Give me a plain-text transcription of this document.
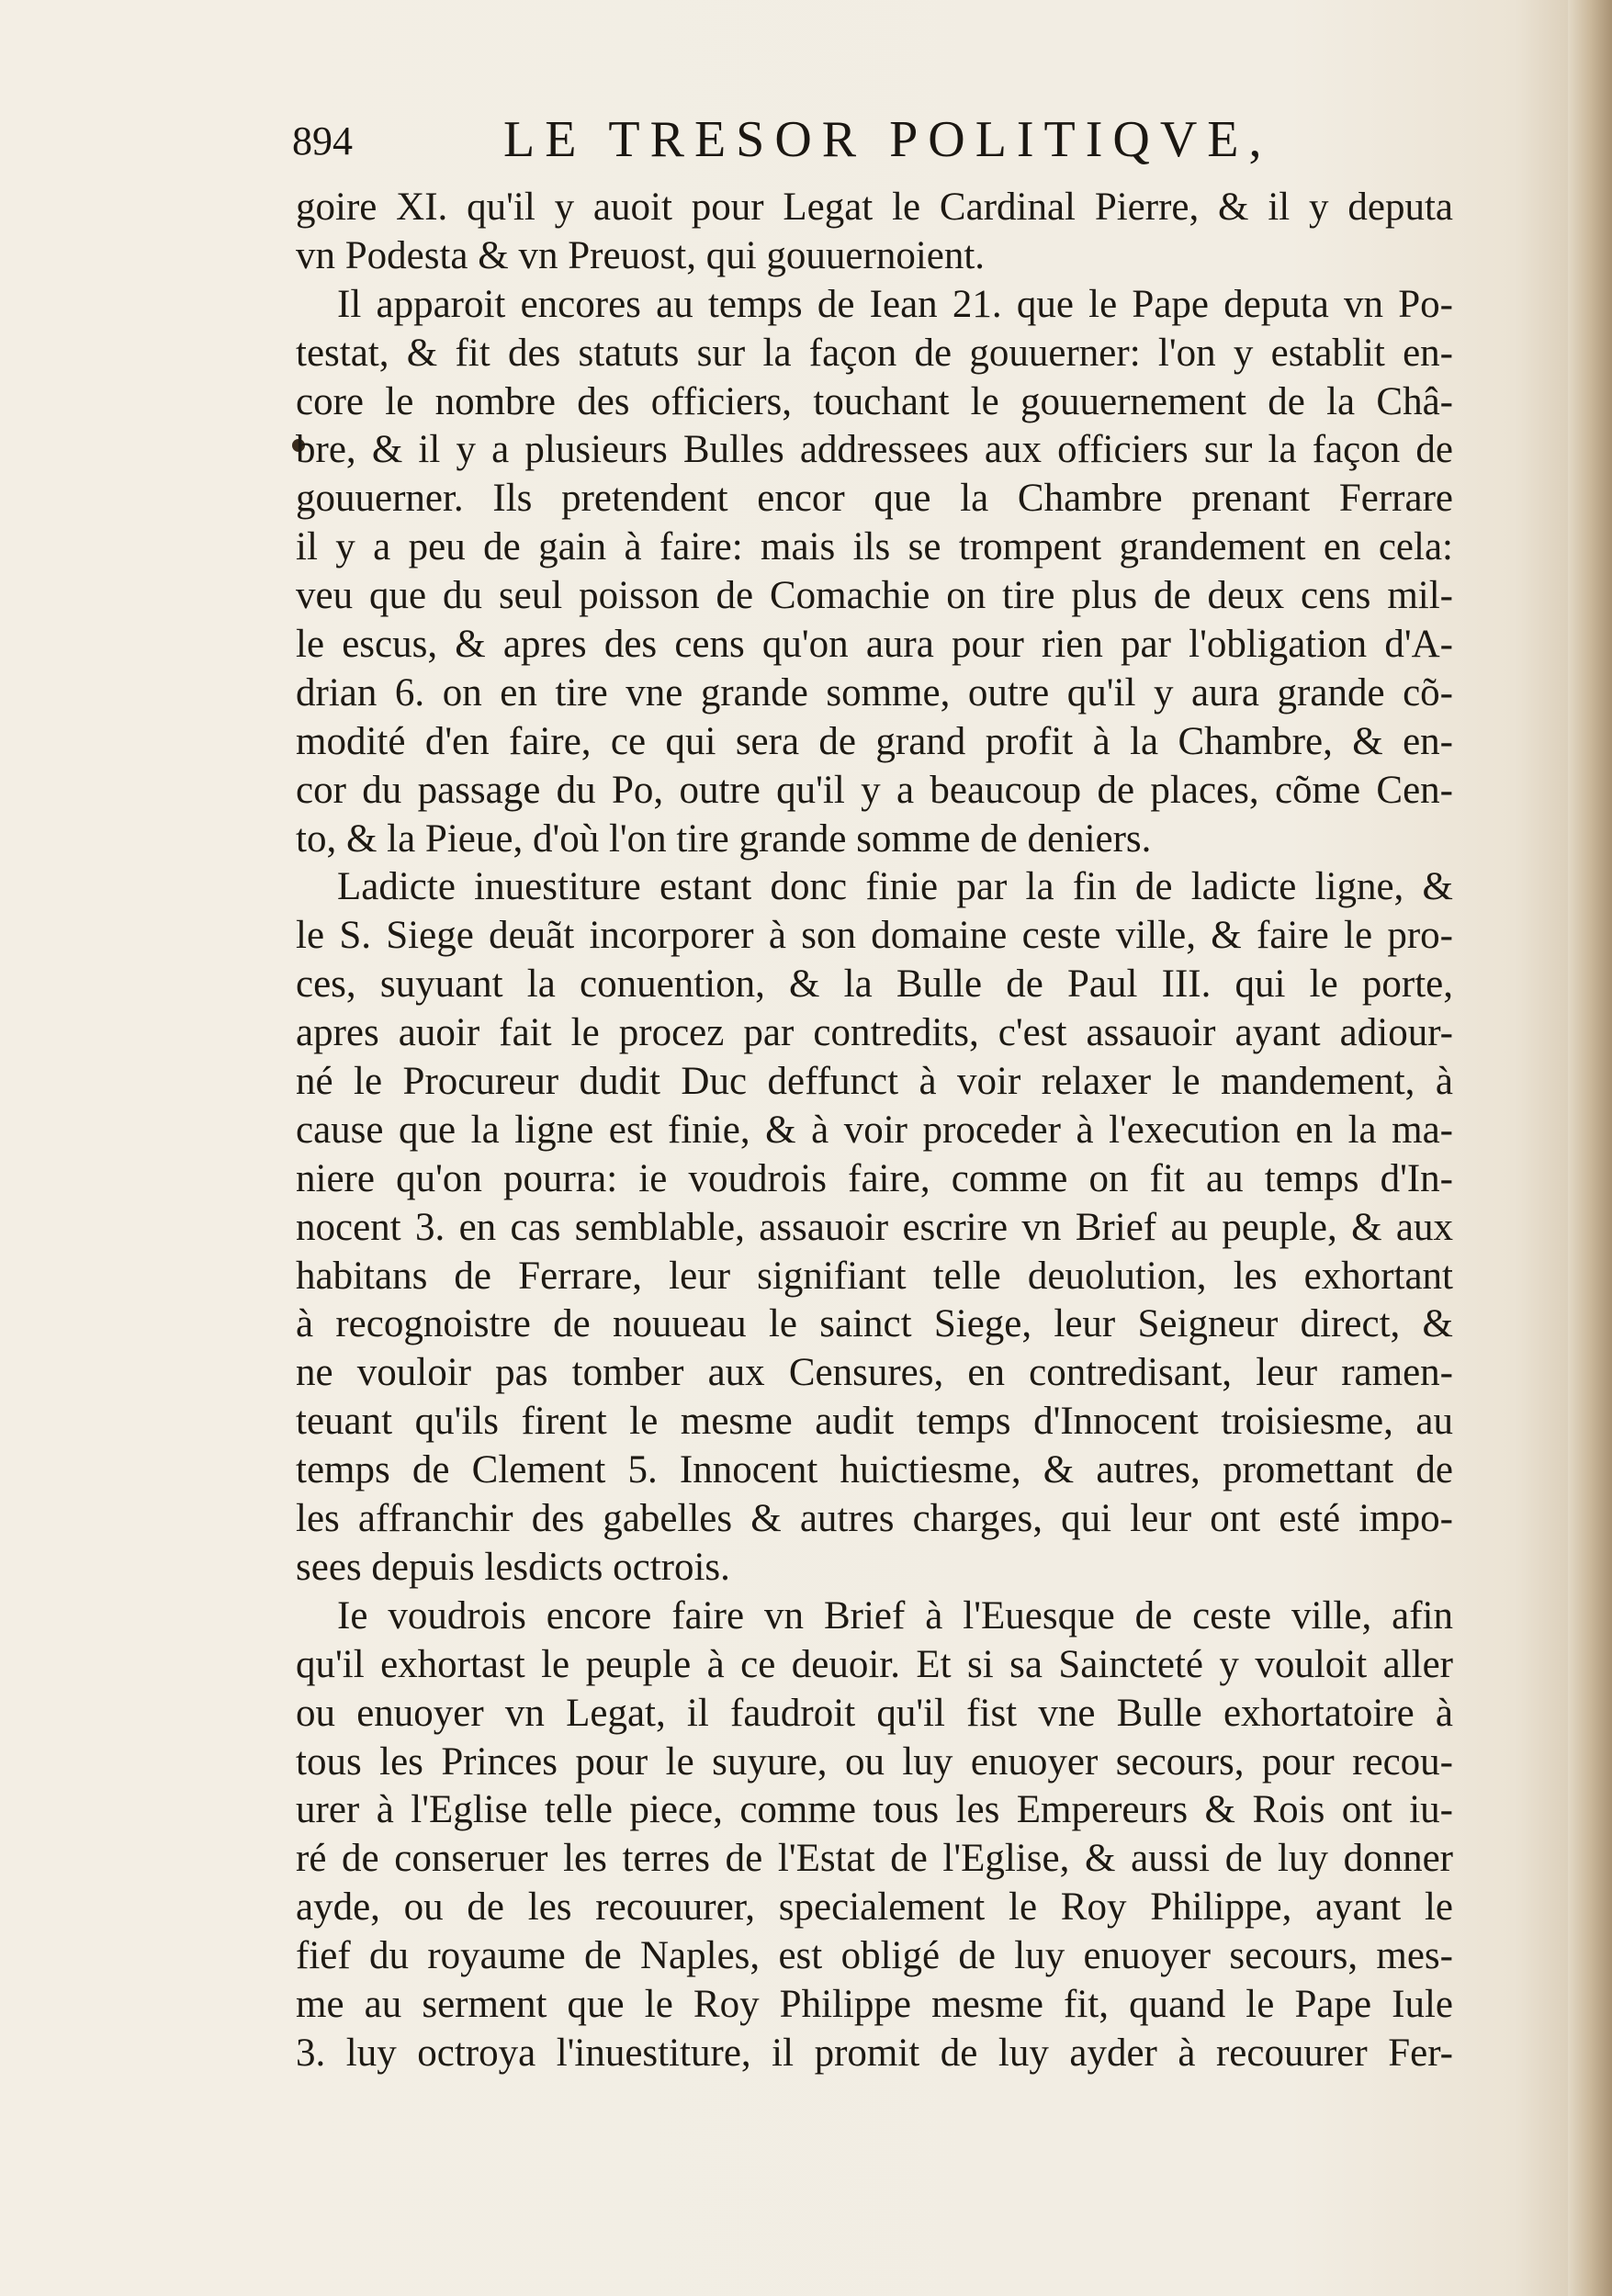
894	LE TRESOR POLITIQVE,
goire XI. qu'il y auoit pour Legat le Cardinal Pierre, & il y deputa
vn Podesta & vn Preuost, qui gouuernoient.
Il apparoit encores au temps de Iean 21. que le Pape deputa vn Po-
testat, & fit des statuts sur la façon de gouuerner: l'on y establit en-
core le nombre des officiers, touchant le gouuernement de la Châ-
bre, & il y a plusieurs Bulles addressees aux officiers sur la façon de
gouuerner. Ils pretendent encor que la Chambre prenant Ferrare
il y a peu de gain à faire: mais ils se trompent grandement en cela:
veu que du seul poisson de Comachie on tire plus de deux cens mil-
le escus, & apres des cens qu'on aura pour rien par l'obligation d'A-
drian 6. on en tire vne grande somme, outre qu'il y aura grande cõ-
modité d'en faire, ce qui sera de grand profit à la Chambre, & en-
cor du passage du Po, outre qu'il y a beaucoup de places, cõme Cen-
to, & la Pieue, d'où l'on tire grande somme de deniers.
Ladicte inuestiture estant donc finie par la fin de ladicte ligne, &
le S. Siege deuãt incorporer à son domaine ceste ville, & faire le pro-
ces, suyuant la conuention, & la Bulle de Paul III. qui le porte,
apres auoir fait le procez par contredits, c'est assauoir ayant adiour-
né le Procureur dudit Duc deffunct à voir relaxer le mandement, à
cause que la ligne est finie, & à voir proceder à l'execution en la ma-
niere qu'on pourra: ie voudrois faire, comme on fit au temps d'In-
nocent 3. en cas semblable, assauoir escrire vn Brief au peuple, & aux
habitans de Ferrare, leur signifiant telle deuolution, les exhortant
à recognoistre de nouueau le sainct Siege, leur Seigneur direct, &
ne vouloir pas tomber aux Censures, en contredisant, leur ramen-
teuant qu'ils firent le mesme audit temps d'Innocent troisiesme, au
temps de Clement 5. Innocent huictiesme, & autres, promettant de
les affranchir des gabelles & autres charges, qui leur ont esté impo-
sees depuis lesdicts octrois.
Ie voudrois encore faire vn Brief à l'Euesque de ceste ville, afin
qu'il exhortast le peuple à ce deuoir. Et si sa Saincteté y vouloit aller
ou enuoyer vn Legat, il faudroit qu'il fist vne Bulle exhortatoire à
tous les Princes pour le suyure, ou luy enuoyer secours, pour recou-
urer à l'Eglise telle piece, comme tous les Empereurs & Rois ont iu-
ré de conseruer les terres de l'Estat de l'Eglise, & aussi de luy donner
ayde, ou de les recouurer, specialement le Roy Philippe, ayant le
fief du royaume de Naples, est obligé de luy enuoyer secours, mes-
me au serment que le Roy Philippe mesme fit, quand le Pape Iule
3. luy octroya l'inuestiture, il promit de luy ayder à recouurer Fer-
